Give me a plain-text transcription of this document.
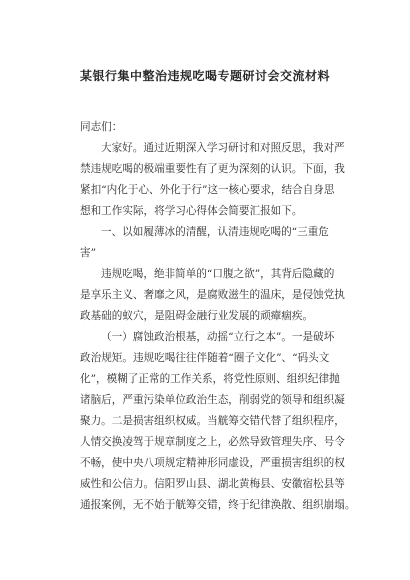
某银行集中整治违规吃喝专题研讨会交流材料
同志们：
大家好。通过近期深入学习研讨和对照反思，我对严
禁违规吃喝的极端重要性有了更为深刻的认识。下面，我
紧扣“内化于心、外化于行”这一核心要求，结合自身思
想和工作实际，将学习心得体会简要汇报如下。
一、以如履薄冰的清醒，认清违规吃喝的“三重危
害”
违规吃喝，绝非简单的“口腹之欲”，其背后隐藏的
是享乐主义、奢靡之风，是腐败滋生的温床，是侵蚀党执
政基础的蚁穴，是阻碍金融行业发展的顽瘴痼疾。
（一）腐蚀政治根基，动摇“立行之本”。一是破坏
政治规矩。违规吃喝往往伴随着“圈子文化”、“码头文
化”，模糊了正常的工作关系，将党性原则、组织纪律抛
诸脑后，严重污染单位政治生态，削弱党的领导和组织凝
聚力。二是损害组织权威。当觥筹交错代替了组织程序，
人情交换凌驾于规章制度之上，必然导致管理失序、号令
不畅，使中央八项规定精神形同虚设，严重损害组织的权
威性和公信力。信阳罗山县、湖北黄梅县、安徽宿松县等
通报案例，无不始于觥筹交错，终于纪律涣散、组织崩塌。
